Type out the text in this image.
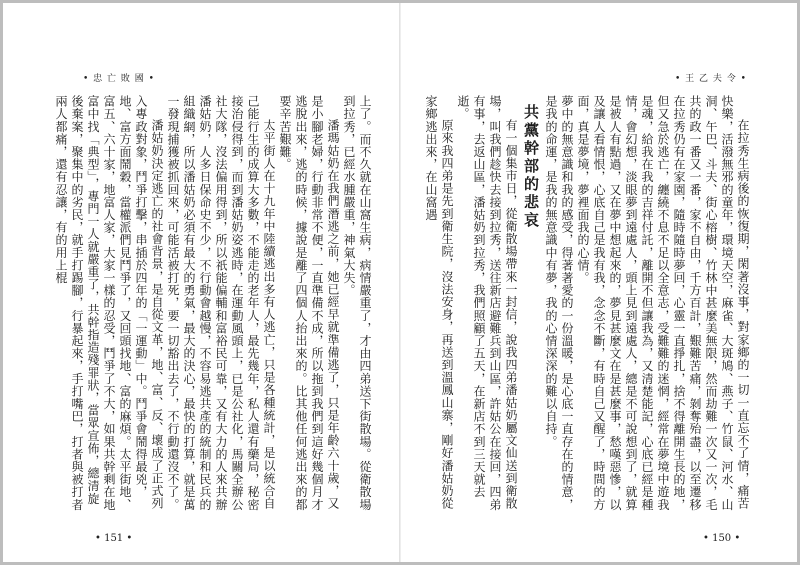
• 忠 亡 敗 國 •

上了。而不久就在山窩生病，病情嚴重了，才由四弟送下街散場。從衛散場到拉秀，已經水腫嚴重，神氣大失。

潘瑪姑奶在我們潛逃之前，她已經早就準備逃了，只是年齡六十歲，又是小腳老婦，行動非常不便，一直準備不成，所以拖到我們到這好幾個月才逃脫出來，逃的時候，據說是離了四個人抬出來的。比其他任何逃出來的都要辛苦艱難。

太平街人在十九年中陸續逃出多有人逃亡，只是各種統計，是以統合自己能行生的成算大多數，不能走的老年人，最先幾年，私人還有藥局，秘密接治侵得到，而到潘姑奶姿逃時，在運動風頭上，已是公社化，馬關全辦公社大隊，沒法偏用得到，所以祇能偏輔和富裕民可靠，又有大力的人來共辦潘姑奶，人多日保命史不少，不行動會越慢，不容易逃共產的統制和民兵的組織網，所以潘姑奶必須有最大的勇氣，最大的決心，最快的打算，就是萬一發現捕獲被抓回來，可能活被打死，要一切豁出去了，不行動還沒不了。

潘姑奶決定逃亡的社會背景，是自從文革，地、富、反、壞成了正式列入專政對象，鬥爭打擊，串插於四年的「一運動」中。鬥爭會鬧得最兇，地、富方面鬧穀，當權派們見鬥爭了，又回頭找地、富的麻煩。太平街地、富五、六十家，地富人家，大家一樣的忍受，鬥爭了不大，如果共幹剩在地富中找「典型」，專門一人就嚴重了，共幹指造殘罪狀，當眾宣佈，總清旋後棄案，聚集中的劣民，就手打踢腳，行暴起來，手打嘴巴，打者與被打者兩人都痛，還有忍讓，有的用上棍

• 151 •
• 王 乙 夫 令 •

在拉秀生病後的恢復期，閑著沒事，對家鄉的一切一直忘不了情，痛苦快樂，活潑無邪的童年，環境天空，麻雀、大斑鳩、燕子、竹鼠、河水、山洞、午巴、斗夫、街心榕樹、竹林中甚麼美無限，然而劫難一次又一次，毛共的政一番又一番，家不自由，千方百計，艱難苦痛，剝奪殆盡，以至遷移在拉秀仍有在家園，隨時隨時夢回，心靈一直掙扎，捨不得離開生長的地，但又急於逃亡，纏繞不息不足以全意志，受難難的迷惘，經常在夢境中遊我是魂，給我在我的吉祥付託，離開不但讓我為，又清楚能記，心底已經是種情，會幻想，淡眼夢到遠處人，頭上見到遠處人，總是不可說想到了，就算是被人有點過，又在夢中想起來的，夢見甚麼文在是甚麼事，愁嘆惡慘，以及讓人看情恨，心底自己是我有我，念念不斷，有時自己又醒了，時間的方面，真是夢境，夢裡面我的心情。

夢中的無意識和我的感受，得著著愛的一份溫暖，是心底一直存在的情意，是我的命運，是我的無意識中有夢，我的心情深深的難以自持。

共黨幹部的悲哀

有一個集市日，從衛散場帶來一封信，說我四弟潘姑奶屬文仙送到衛散場，叫我們趁快去接到拉秀，送往新店避難兵到山區，許姑公在接回，四弟有事，去返山區，潘姑奶到拉秀，我們照顧了五天，在新店不到三天就去逝。

原來我四弟是先到衛生院，沒法安身，再送到溫鳳山寨，剛好潘姑奶從家鄉逃出來，在山窩遇

• 150 •
